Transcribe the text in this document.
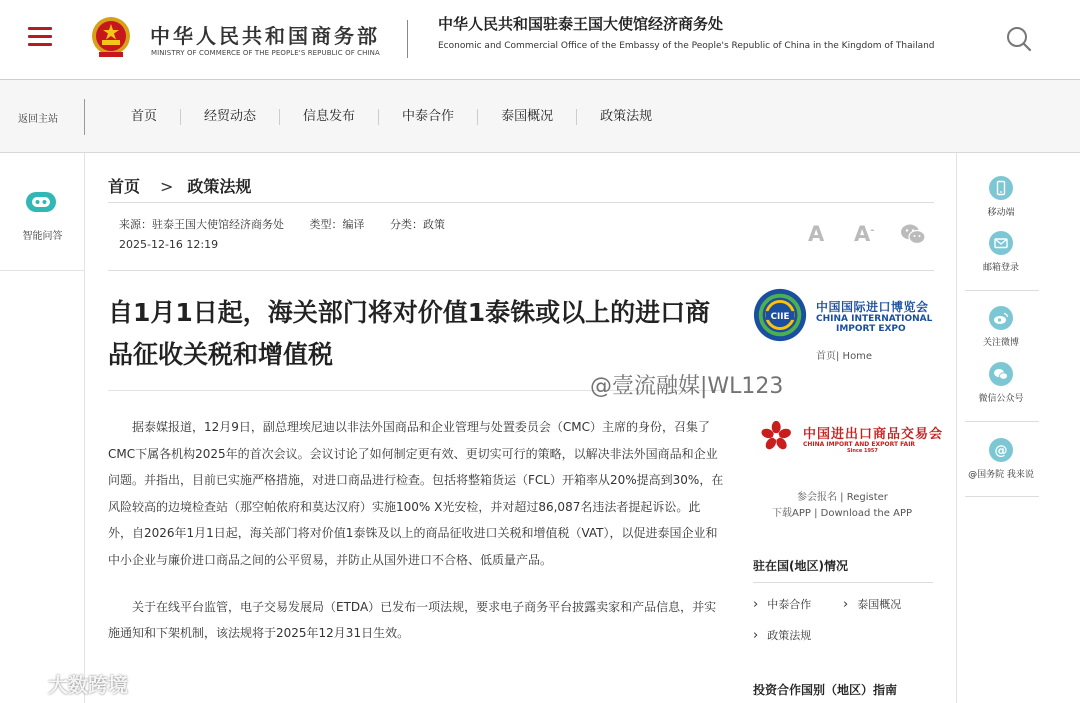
中华人民共和国商务部
MINISTRY OF COMMERCE OF THE PEOPLE'S REPUBLIC OF CHINA
中华人民共和国驻泰王国大使馆经济商务处
Economic and Commercial Office of the Embassy of the People's Republic of China in the Kingdom of Thailand
返回主站	首页	经贸动态	信息发布	中泰合作	泰国概况	政策法规
智能问答
移动端
邮箱登录
关注微博
微信公众号
@
@国务院 我来说
首页 > 政策法规
来源：驻泰王国大使馆经济商务处 类型：编译 分类：政策
2025-12-16 12:19	A A-
自1月1日起，海关部门将对价值1泰铢或以上的进口商品征收关税和增值税

据泰媒报道，12月9日，副总理埃尼迪以非法外国商品和企业管理与处置委员会（CMC）主席的身份，召集了CMC下属各机构2025年的首次会议。会议讨论了如何制定更有效、更切实可行的策略，以解决非法外国商品和企业问题。并指出，目前已实施严格措施，对进口商品进行检查。包括将整箱货运（FCL）开箱率从20%提高到30%，在风险较高的边境检查站（那空帕侬府和莫达汉府）实施100% X光安检，并对超过86,087名违法者提起诉讼。此外，自2026年1月1日起，海关部门将对价值1泰铢及以上的商品征收进口关税和增值税（VAT），以促进泰国企业和中小企业与廉价进口商品之间的公平贸易，并防止从国外进口不合格、低质量产品。

关于在线平台监管，电子交易发展局（ETDA）已发布一项法规，要求电子商务平台披露卖家和产品信息，并实施通知和下架机制，该法规将于2025年12月31日生效。

CIIE
中国国际进口博览会
CHINA INTERNATIONAL
IMPORT EXPO
首页| Home
中国进出口商品交易会
CHINA IMPORT AND EXPORT FAIR
Since 1957
参会报名 | Register
下载APP | Download the APP
驻在国(地区)情况
› 中泰合作
›	泰国概况
› 政策法规
投资合作国别（地区）指南
@壹流融媒|WL123
大数跨境
